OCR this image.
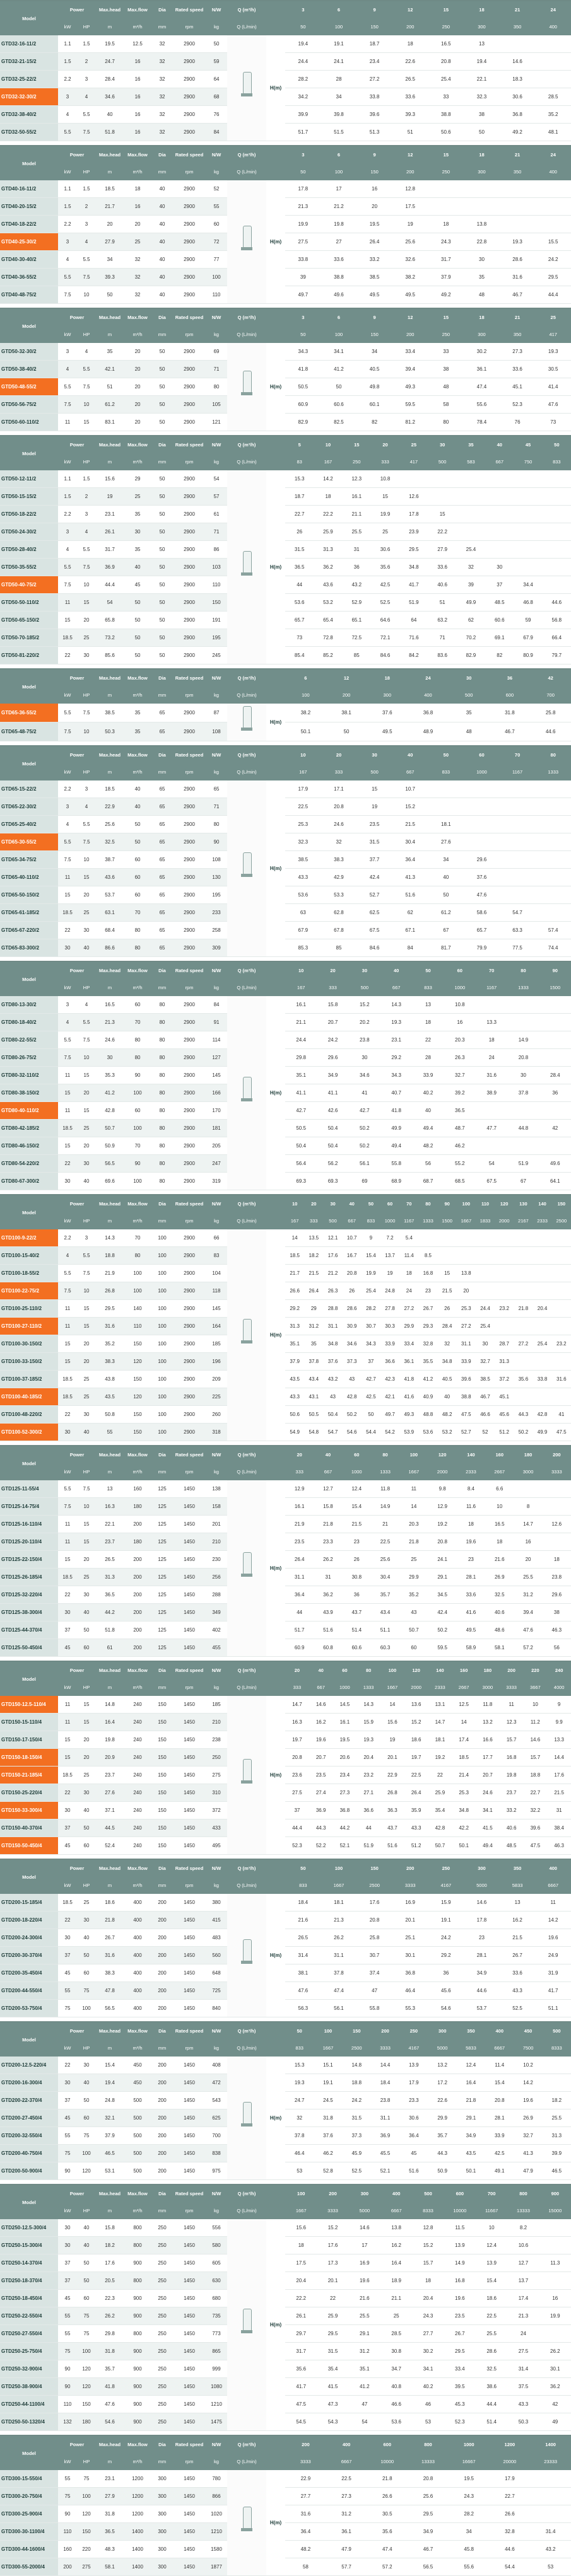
Model	Power		Max.head	Max.flow	Dia	Rated speed	N/W	Q (m³/h)		3	6	9	12	15	18	21	24
	kW	HP	m	m³/h	mm	rpm	kg	Q (L/min)		50	100	150	200	250	300	350	400
GTD32-16-11/2	1.1	1.5	19.5	12.5	32	2900	50		H(m)	19.4	19.1	18.7	18	16.5	13		
GTD32-21-15/2	1.5	2	24.7	16	32	2900	59			24.4	24.1	23.4	22.6	20.8	19.4	14.6	
GTD32-25-22/2	2.2	3	28.4	16	32	2900	64			28.2	28	27.2	26.5	25.4	22.1	18.3	
GTD32-32-30/2	3	4	34.6	16	32	2900	68			34.2	34	33.8	33.6	33	32.3	30.6	28.5
GTD32-38-40/2	4	5.5	40	16	32	2900	76			39.9	39.8	39.6	39.3	38.8	38	36.8	35.2
GTD32-50-55/2	5.5	7.5	51.8	16	32	2900	84			51.7	51.5	51.3	51	50.6	50	49.2	48.1
Model	Power		Max.head	Max.flow	Dia	Rated speed	N/W	Q (m³/h)		3	6	9	12	15	18	21	24
	kW	HP	m	m³/h	mm	rpm	kg	Q (L/min)		50	100	150	200	250	300	350	400
GTD40-16-11/2	1.1	1.5	18.5	18	40	2900	52		H(m)	17.8	17	16	12.8				
GTD40-20-15/2	1.5	2	21.7	16	40	2900	55			21.3	21.2	20	17.5				
GTD40-18-22/2	2.2	3	20	20	40	2900	60			19.9	19.8	19.5	19	18	13.8		
GTD40-25-30/2	3	4	27.9	25	40	2900	72			27.5	27	26.4	25.6	24.3	22.8	19.3	15.5
GTD40-30-40/2	4	5.5	34	32	40	2900	77			33.8	33.6	33.2	32.6	31.7	30	28.6	24.2
GTD40-36-55/2	5.5	7.5	39.3	32	40	2900	100			39	38.8	38.5	38.2	37.9	35	31.6	29.5
GTD40-48-75/2	7.5	10	50	32	40	2900	110			49.7	49.6	49.5	49.5	49.2	48	46.7	44.4
Model	Power		Max.head	Max.flow	Dia	Rated speed	N/W	Q (m³/h)		3	6	9	12	15	18	21	25
	kW	HP	m	m³/h	mm	rpm	kg	Q (L/min)		50	100	150	200	250	300	350	417
GTD50-32-30/2	3	4	35	20	50	2900	69		H(m)	34.3	34.1	34	33.4	33	30.2	27.3	19.3
GTD50-38-40/2	4	5.5	42.1	20	50	2900	71			41.8	41.2	40.5	39.4	38	36.1	33.6	30.5
GTD50-48-55/2	5.5	7.5	51	20	50	2900	80			50.5	50	49.8	49.3	48	47.4	45.1	41.4
GTD50-56-75/2	7.5	10	61.2	20	50	2900	105			60.9	60.6	60.1	59.5	58	55.6	52.3	47.6
GTD50-60-110/2	11	15	83.1	20	50	2900	121			82.9	82.5	82	81.2	80	78.4	76	73
Model	Power		Max.head	Max.flow	Dia	Rated speed	N/W	Q (m³/h)		5	10	15	20	25	30	35	40	45	50
	kW	HP	m	m³/h	mm	rpm	kg	Q (L/min)		83	167	250	333	417	500	583	667	750	833
GTD50-12-11/2	1.1	1.5	15.6	29	50	2900	54		H(m)	15.3	14.2	12.3	10.8						
GTD50-15-15/2	1.5	2	19	25	50	2900	57			18.7	18	16.1	15	12.6					
GTD50-18-22/2	2.2	3	23.1	35	50	2900	61			22.7	22.2	21.1	19.9	17.8	15				
GTD50-24-30/2	3	4	26.1	30	50	2900	71			26	25.9	25.5	25	23.9	22.2				
GTD50-28-40/2	4	5.5	31.7	35	50	2900	86			31.5	31.3	31	30.6	29.5	27.9	25.4			
GTD50-35-55/2	5.5	7.5	36.9	40	50	2900	103			36.5	36.2	36	35.6	34.8	33.6	32	30		
GTD50-40-75/2	7.5	10	44.4	45	50	2900	110			44	43.6	43.2	42.5	41.7	40.6	39	37	34.4	
GTD50-50-110/2	11	15	54	50	50	2900	150			53.6	53.2	52.9	52.5	51.9	51	49.9	48.5	46.8	44.6
GTD50-65-150/2	15	20	65.8	50	50	2900	191			65.7	65.4	65.1	64.6	64	63.2	62	60.6	59	56.8
GTD50-70-185/2	18.5	25	73.2	50	50	2900	195			73	72.8	72.5	72.1	71.6	71	70.2	69.1	67.9	66.4
GTD50-81-220/2	22	30	85.6	50	50	2900	245			85.4	85.2	85	84.6	84.2	83.6	82.9	82	80.9	79.7
Model	Power		Max.head	Max.flow	Dia	Rated speed	N/W	Q (m³/h)		6	12	18	24	30	36	42
	kW	HP	m	m³/h	mm	rpm	kg	Q (L/min)		100	200	300	400	500	600	700
GTD65-36-55/2	5.5	7.5	38.5	35	65	2900	87		H(m)	38.2	38.1	37.6	36.8	35	31.8	25.8
GTD65-48-75/2	7.5	10	50.3	35	65	2900	108			50.1	50	49.5	48.9	48	46.7	44.6
Model	Power		Max.head	Max.flow	Dia	Rated speed	N/W	Q (m³/h)		10	20	30	40	50	60	70	80
	kW	HP	m	m³/h	mm	rpm	kg	Q (L/min)		167	333	500	667	833	1000	1167	1333
GTD65-15-22/2	2.2	3	18.5	40	65	2900	65		H(m)	17.9	17.1	15	10.7				
GTD65-22-30/2	3	4	22.9	40	65	2900	71			22.5	20.8	19	15.2				
GTD65-25-40/2	4	5.5	25.6	50	65	2900	80			25.3	24.6	23.5	21.5	18.1			
GTD65-30-55/2	5.5	7.5	32.5	50	65	2900	90			32.3	32	31.5	30.4	27.6			
GTD65-34-75/2	7.5	10	38.7	60	65	2900	108			38.5	38.3	37.7	36.4	34	29.6		
GTD65-40-110/2	11	15	43.6	60	65	2900	130			43.3	42.9	42.4	41.3	40	37.6		
GTD65-50-150/2	15	20	53.7	60	65	2900	195			53.6	53.3	52.7	51.6	50	47.6		
GTD65-61-185/2	18.5	25	63.1	70	65	2900	233			63	62.8	62.5	62	61.2	58.6	54.7	
GTD65-67-220/2	22	30	68.4	80	65	2900	258			67.9	67.8	67.5	67.1	67	65.7	63.3	57.4
GTD65-83-300/2	30	40	86.6	80	65	2900	309			85.3	85	84.6	84	81.7	79.9	77.5	74.4
Model	Power		Max.head	Max.flow	Dia	Rated speed	N/W	Q (m³/h)		10	20	30	40	50	60	70	80	90
	kW	HP	m	m³/h	mm	rpm	kg	Q (L/min)		167	333	500	667	833	1000	1167	1333	1500
GTD80-13-30/2	3	4	16.5	60	80	2900	84		H(m)	16.1	15.8	15.2	14.3	13	10.8			
GTD80-18-40/2	4	5.5	21.3	70	80	2900	91			21.1	20.7	20.2	19.3	18	16	13.3		
GTD80-22-55/2	5.5	7.5	24.6	80	80	2900	114			24.4	24.2	23.8	23.1	22	20.3	18	14.9	
GTD80-26-75/2	7.5	10	30	80	80	2900	127			29.8	29.6	30	29.2	28	26.3	24	20.8	
GTD80-32-110/2	11	15	35.3	90	80	2900	145			35.1	34.9	34.6	34.3	33.9	32.7	31.6	30	28.4
GTD80-38-150/2	15	20	41.2	100	80	2900	166			41.1	41.1	41	40.7	40.2	39.2	38.9	37.8	36
GTD80-40-110/2	11	15	42.8	60	80	2900	170			42.7	42.6	42.7	41.8	40	36.5			
GTD80-42-185/2	18.5	25	50.7	100	80	2900	181			50.5	50.4	50.2	49.9	49.4	48.7	47.7	44.8	42
GTD80-46-150/2	15	20	50.9	70	80	2900	205			50.4	50.4	50.2	49.4	48.2	46.2			
GTD80-54-220/2	22	30	56.5	90	80	2900	247			56.4	56.2	56.1	55.8	56	55.2	54	51.9	49.6
GTD80-67-300/2	30	40	69.6	100	80	2900	319			69.3	69.3	69	68.9	68.7	68.5	67.5	67	64.1
Model	Power		Max.head	Max.flow	Dia	Rated speed	N/W	Q (m³/h)		10	20	30	40	50	60	70	80	90	100	110	120	130	140	150
	kW	HP	m	m³/h	mm	rpm	kg	Q (L/min)		167	333	500	667	833	1000	1167	1333	1500	1667	1833	2000	2167	2333	2500
GTD100-9-22/2	2.2	3	14.3	70	100	2900	66		H(m)	14	13.5	12.1	10.7	9	7.2	5.4								
GTD100-15-40/2	4	5.5	18.8	80	100	2900	83			18.5	18.2	17.6	16.7	15.4	13.7	11.4	8.5							
GTD100-18-55/2	5.5	7.5	21.9	100	100	2900	104			21.7	21.5	21.2	20.8	19.9	19	18	16.8	15	13.8					
GTD100-22-75/2	7.5	10	26.8	100	100	2900	118			26.6	26.4	26.3	26	25.4	24.8	24	23	21.5	20					
GTD100-25-110/2	11	15	29.5	140	100	2900	145			29.2	29	28.8	28.6	28.2	27.8	27.2	26.7	26	25.3	24.4	23.2	21.8	20.4	
GTD100-27-110/2	11	15	31.6	110	100	2900	164			31.3	31.2	31.1	30.9	30.7	30.3	29.9	29.3	28.4	27.2	25.4				
GTD100-30-150/2	15	20	35.2	150	100	2900	185			35.1	35	34.8	34.6	34.3	33.9	33.4	32.8	32	31.1	30	28.7	27.2	25.4	23.2
GTD100-33-150/2	15	20	38.3	120	100	2900	196			37.9	37.8	37.6	37.3	37	36.6	36.1	35.5	34.8	33.9	32.7	31.3			
GTD100-37-185/2	18.5	25	43.8	150	100	2900	209			43.5	43.4	43.2	43	42.7	42.3	41.8	41.2	40.5	39.6	38.5	37.2	35.6	33.8	31.6
GTD100-40-185/2	18.5	25	43.5	120	100	2900	225			43.3	43.1	43	42.8	42.5	42.1	41.6	40.9	40	38.8	46.7	45.1			
GTD100-48-220/2	22	30	50.8	150	100	2900	260			50.6	50.5	50.4	50.2	50	49.7	49.3	48.8	48.2	47.5	46.6	45.6	44.3	42.8	41
GTD100-52-300/2	30	40	55	150	100	2900	318			54.9	54.8	54.7	54.6	54.4	54.2	53.9	53.6	53.2	52.7	52	51.2	50.2	49.9	47.5
Model	Power		Max.head	Max.flow	Dia	Rated speed	N/W	Q (m³/h)		20	40	60	80	100	120	140	160	180	200
	kW	HP	m	m³/h	mm	rpm	kg	Q (L/min)		333	667	1000	1333	1667	2000	2333	2667	3000	3333
GTD125-11-55/4	5.5	7.5	13	160	125	1450	138		H(m)	12.9	12.7	12.4	11.8	11	9.8	8.4	6.6		
GTD125-14-75/4	7.5	10	16.3	180	125	1450	158			16.1	15.8	15.4	14.9	14	12.9	11.6	10	8	
GTD125-16-110/4	11	15	22.1	200	125	1450	201			21.9	21.8	21.5	21	20.3	19.2	18	16.5	14.7	12.6
GTD125-20-110/4	11	15	23.7	180	125	1450	210			23.5	23.3	23	22.5	21.8	20.8	19.6	18	16	
GTD125-22-150/4	15	20	26.5	200	125	1450	230			26.4	26.2	26	25.6	25	24.1	23	21.6	20	18
GTD125-26-185/4	18.5	25	31.3	200	125	1450	256			31.1	31	30.8	30.4	29.9	29.1	28.1	26.9	25.5	23.8
GTD125-32-220/4	22	30	36.5	200	125	1450	288			36.4	36.2	36	35.7	35.2	34.5	33.6	32.5	31.2	29.6
GTD125-38-300/4	30	40	44.2	200	125	1450	349			44	43.9	43.7	43.4	43	42.4	41.6	40.6	39.4	38
GTD125-44-370/4	37	50	51.8	200	125	1450	402			51.7	51.6	51.4	51.1	50.7	50.2	49.5	48.6	47.6	46.3
GTD125-50-450/4	45	60	61	200	125	1450	455			60.9	60.8	60.6	60.3	60	59.5	58.9	58.1	57.2	56
Model	Power		Max.head	Max.flow	Dia	Rated speed	N/W	Q (m³/h)		20	40	60	80	100	120	140	160	180	200	220	240
	kW	HP	m	m³/h	mm	rpm	kg	Q (L/min)		333	667	1000	1333	1667	2000	2333	2667	3000	3333	3667	4000
GTD150-12.5-110/4	11	15	14.8	240	150	1450	185		H(m)	14.7	14.6	14.5	14.3	14	13.6	13.1	12.5	11.8	11	10	9
GTD150-15-110/4	11	15	16.4	240	150	1450	210			16.3	16.2	16.1	15.9	15.6	15.2	14.7	14	13.2	12.3	11.2	9.9
GTD150-17-150/4	15	20	19.8	240	150	1450	238			19.7	19.6	19.5	19.3	19	18.6	18.1	17.4	16.6	15.7	14.6	13.3
GTD150-18-150/4	15	20	20.9	240	150	1450	250			20.8	20.7	20.6	20.4	20.1	19.7	19.2	18.5	17.7	16.8	15.7	14.4
GTD150-21-185/4	18.5	25	23.7	240	150	1450	275			23.6	23.5	23.4	23.2	22.9	22.5	22	21.4	20.7	19.8	18.8	17.6
GTD150-25-220/4	22	30	27.6	240	150	1450	310			27.5	27.4	27.3	27.1	26.8	26.4	25.9	25.3	24.6	23.7	22.7	21.5
GTD150-33-300/4	30	40	37.1	240	150	1450	372			37	36.9	36.8	36.6	36.3	35.9	35.4	34.8	34.1	33.2	32.2	31
GTD150-40-370/4	37	50	44.5	240	150	1450	433			44.4	44.3	44.2	44	43.7	43.3	42.8	42.2	41.5	40.6	39.6	38.4
GTD150-50-450/4	45	60	52.4	240	150	1450	495			52.3	52.2	52.1	51.9	51.6	51.2	50.7	50.1	49.4	48.5	47.5	46.3
Model	Power		Max.head	Max.flow	Dia	Rated speed	N/W	Q (m³/h)		50	100	150	200	250	300	350	400
	kW	HP	m	m³/h	mm	rpm	kg	Q (L/min)		833	1667	2500	3333	4167	5000	5833	6667
GTD200-15-185/4	18.5	25	18.6	400	200	1450	380		H(m)	18.4	18.1	17.6	16.9	15.9	14.6	13	11
GTD200-18-220/4	22	30	21.8	400	200	1450	415			21.6	21.3	20.8	20.1	19.1	17.8	16.2	14.2
GTD200-24-300/4	30	40	26.7	400	200	1450	483			26.5	26.2	25.8	25.1	24.2	23	21.5	19.6
GTD200-30-370/4	37	50	31.6	400	200	1450	560			31.4	31.1	30.7	30.1	29.2	28.1	26.7	24.9
GTD200-35-450/4	45	60	38.3	400	200	1450	648			38.1	37.8	37.4	36.8	36	34.9	33.6	31.9
GTD200-44-550/4	55	75	47.8	400	200	1450	725			47.6	47.4	47	46.4	45.6	44.6	43.3	41.7
GTD200-53-750/4	75	100	56.5	400	200	1450	840			56.3	56.1	55.8	55.3	54.6	53.7	52.5	51.1
Model	Power		Max.head	Max.flow	Dia	Rated speed	N/W	Q (m³/h)		50	100	150	200	250	300	350	400	450	500
	kW	HP	m	m³/h	mm	rpm	kg	Q (L/min)		833	1667	2500	3333	4167	5000	5833	6667	7500	8333
GTD200-12.5-220/4	22	30	15.4	450	200	1450	408		H(m)	15.3	15.1	14.8	14.4	13.9	13.2	12.4	11.4	10.2	
GTD200-16-300/4	30	40	19.4	450	200	1450	472			19.3	19.1	18.8	18.4	17.9	17.2	16.4	15.4	14.2	
GTD200-22-370/4	37	50	24.8	500	200	1450	543			24.7	24.5	24.2	23.8	23.3	22.6	21.8	20.8	19.6	18.2
GTD200-27-450/4	45	60	32.1	500	200	1450	625			32	31.8	31.5	31.1	30.6	29.9	29.1	28.1	26.9	25.5
GTD200-32-550/4	55	75	37.9	500	200	1450	700			37.8	37.6	37.3	36.9	36.4	35.7	34.9	33.9	32.7	31.3
GTD200-40-750/4	75	100	46.5	500	200	1450	838			46.4	46.2	45.9	45.5	45	44.3	43.5	42.5	41.3	39.9
GTD200-50-900/4	90	120	53.1	500	200	1450	975			53	52.8	52.5	52.1	51.6	50.9	50.1	49.1	47.9	46.5
Model	Power		Max.head	Max.flow	Dia	Rated speed	N/W	Q (m³/h)		100	200	300	400	500	600	700	800	900
	kW	HP	m	m³/h	mm	rpm	kg	Q (L/min)		1667	3333	5000	6667	8333	10000	11667	13333	15000
GTD250-12.5-300/4	30	40	15.8	800	250	1450	556		H(m)	15.6	15.2	14.6	13.8	12.8	11.5	10	8.2	
GTD250-15-300/4	30	40	18.2	800	250	1450	580			18	17.6	17	16.2	15.2	13.9	12.4	10.6	
GTD250-14-370/4	37	50	17.6	900	250	1450	605			17.5	17.3	16.9	16.4	15.7	14.9	13.9	12.7	11.3
GTD250-18-370/4	37	50	20.5	800	250	1450	630			20.4	20.1	19.6	18.9	18	16.8	15.4	13.7	
GTD250-18-450/4	45	60	22.3	900	250	1450	680			22.2	22	21.6	21.1	20.4	19.6	18.6	17.4	16
GTD250-22-550/4	55	75	26.2	900	250	1450	735			26.1	25.9	25.5	25	24.3	23.5	22.5	21.3	19.9
GTD250-27-550/4	55	75	29.8	800	250	1450	773			29.7	29.5	29.1	28.5	27.7	26.7	25.5	24	
GTD250-25-750/4	75	100	31.8	900	250	1450	865			31.7	31.5	31.2	30.8	30.2	29.5	28.6	27.5	26.2
GTD250-32-900/4	90	120	35.7	900	250	1450	999			35.6	35.4	35.1	34.7	34.1	33.4	32.5	31.4	30.1
GTD250-38-900/4	90	120	41.8	900	250	1450	1080			41.7	41.5	41.2	40.8	40.2	39.5	38.6	37.5	36.2
GTD250-44-1100/4	110	150	47.6	900	250	1450	1210			47.5	47.3	47	46.6	46	45.3	44.4	43.3	42
GTD250-50-1320/4	132	180	54.6	900	250	1450	1475			54.5	54.3	54	53.6	53	52.3	51.4	50.3	49
Model	Power		Max.head	Max.flow	Dia	Rated speed	N/W	Q (m³/h)		200	400	600	800	1000	1200	1400
	kW	HP	m	m³/h	mm	rpm	kg	Q (L/min)		3333	6667	10000	13333	16667	20000	23333
GTD300-15-550/4	55	75	23.1	1200	300	1450	780		H(m)	22.9	22.5	21.8	20.8	19.5	17.9	
GTD300-20-750/4	75	100	27.9	1200	300	1450	866			27.7	27.3	26.6	25.6	24.3	22.7	
GTD300-25-900/4	90	120	31.8	1200	300	1450	1020			31.6	31.2	30.5	29.5	28.2	26.6	
GTD300-30-1100/4	110	150	36.5	1400	300	1450	1210			36.4	36.1	35.6	34.9	34	32.8	31.4
GTD300-44-1600/4	160	220	48.3	1400	300	1450	1580			48.2	47.9	47.4	46.7	45.8	44.6	43.2
GTD300-55-2000/4	200	275	58.1	1400	300	1450	1877			58	57.7	57.2	56.5	55.6	54.4	53
